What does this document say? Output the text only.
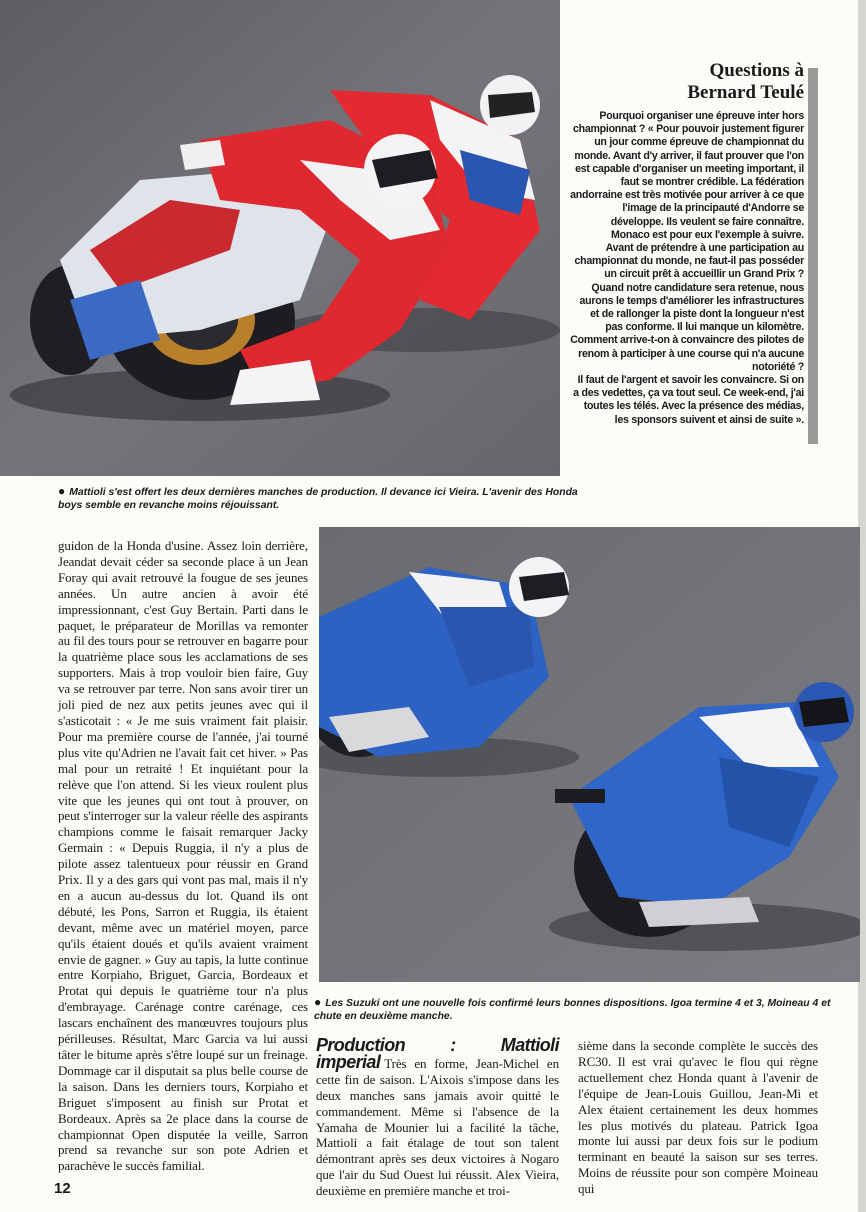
Questions à
Bernard Teulé

Pourquoi organiser une épreuve inter hors championnat ? « Pour pouvoir justement figurer un jour comme épreuve de championnat du monde. Avant d'y arriver, il faut prouver que l'on est capable d'organiser un meeting important, il faut se montrer crédible. La fédération andorraine est très motivée pour arriver à ce que l'image de la principauté d'Andorre se développe. Ils veulent se faire connaître. Monaco est pour eux l'exemple à suivre.

Avant de prétendre à une participation au championnat du monde, ne faut-il pas posséder un circuit prêt à accueillir un Grand Prix ?

Quand notre candidature sera retenue, nous aurons le temps d'améliorer les infrastructures et de rallonger la piste dont la longueur n'est pas conforme. Il lui manque un kilomètre.

Comment arrive-t-on à convaincre des pilotes de renom à participer à une course qui n'a aucune notoriété ?

Il faut de l'argent et savoir les convaincre. Si on a des vedettes, ça va tout seul. Ce week-end, j'ai toutes les télés. Avec la présence des médias, les sponsors suivent et ainsi de suite ».

● Mattioli s'est offert les deux dernières manches de production. Il devance ici Vieira. L'avenir des Honda boys semble en revanche moins réjouissant.

guidon de la Honda d'usine. Assez loin derrière, Jeandat devait céder sa seconde place à un Jean Foray qui avait retrouvé la fougue de ses jeunes années. Un autre ancien à avoir été impressionnant, c'est Guy Bertain. Parti dans le paquet, le préparateur de Morillas va remonter au fil des tours pour se retrouver en bagarre pour la quatrième place sous les acclamations de ses supporters. Mais à trop vouloir bien faire, Guy va se retrouver par terre. Non sans avoir tirer un joli pied de nez aux petits jeunes avec qui il s'asticotait : « Je me suis vraiment fait plaisir. Pour ma première course de l'année, j'ai tourné plus vite qu'Adrien ne l'avait fait cet hiver. » Pas mal pour un retraité ! Et inquiétant pour la relève que l'on attend. Si les vieux roulent plus vite que les jeunes qui ont tout à prouver, on peut s'interroger sur la valeur réelle des aspirants champions comme le faisait remarquer Jacky Germain : « Depuis Ruggia, il n'y a plus de pilote assez talentueux pour réussir en Grand Prix. Il y a des gars qui vont pas mal, mais il n'y en a aucun au-dessus du lot. Quand ils ont débuté, les Pons, Sarron et Ruggia, ils étaient devant, même avec un matériel moyen, parce qu'ils étaient doués et qu'ils avaient vraiment envie de gagner. » Guy au tapis, la lutte continue entre Korpiaho, Briguet, Garcia, Bordeaux et Protat qui depuis le quatrième tour n'a plus d'embrayage. Carénage contre carénage, ces lascars enchaînent des manœuvres toujours plus périlleuses. Résultat, Marc Garcia va lui aussi tâter le bitume après s'être loupé sur un freinage. Dommage car il disputait sa plus belle course de la saison. Dans les derniers tours, Korpiaho et Briguet s'imposent au finish sur Protat et Bordeaux. Après sa 2e place dans la course de championnat Open disputée la veille, Sarron prend sa revanche sur son pote Adrien et parachève le succès familial.

● Les Suzuki ont une nouvelle fois confirmé leurs bonnes dispositions. Igoa termine 4 et 3, Moineau 4 et chute en deuxième manche.

Production : Mattioli imperial Très en forme, Jean-Michel en cette fin de saison. L'Aixois s'impose dans les deux manches sans jamais avoir quitté le commandement. Même si l'absence de la Yamaha de Mounier lui a facilité la tâche, Mattioli a fait étalage de tout son talent démontrant après ses deux victoires à Nogaro que l'air du Sud Ouest lui réussit. Alex Vieira, deuxième en première manche et troi-

sième dans la seconde complète le succès des RC30. Il est vrai qu'avec le flou qui règne actuellement chez Honda quant à l'avenir de l'équipe de Jean-Louis Guillou, Jean-Mi et Alex étaient certainement les deux hommes les plus motivés du plateau. Patrick Igoa monte lui aussi par deux fois sur le podium terminant en beauté la saison sur ses terres. Moins de réussite pour son compère Moineau qui

12
